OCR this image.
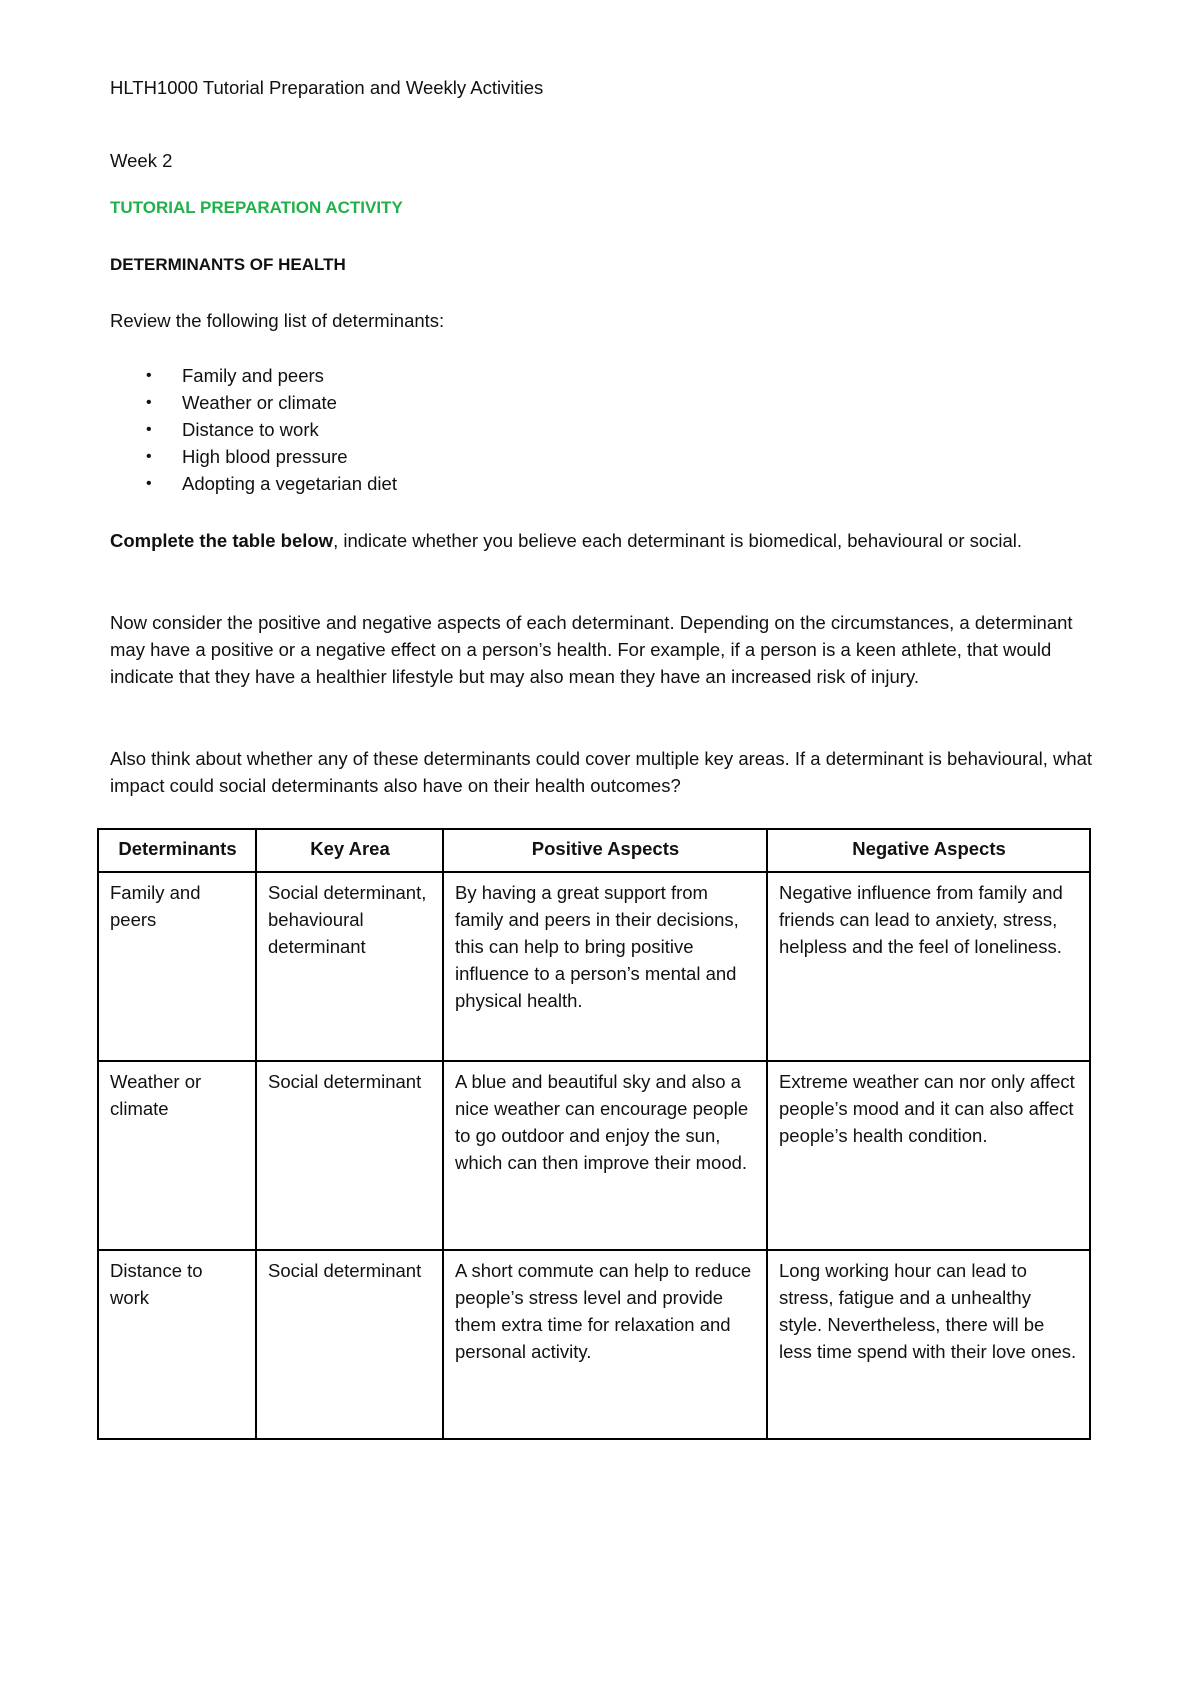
HLTH1000 Tutorial Preparation and Weekly Activities

Week 2

TUTORIAL PREPARATION ACTIVITY

DETERMINANTS OF HEALTH

Review the following list of determinants:

• Family and peers
• Weather or climate
• Distance to work
• High blood pressure
• Adopting a vegetarian diet

Complete the table below, indicate whether you believe each determinant is biomedical, behavioural or social.

Now consider the positive and negative aspects of each determinant. Depending on the circumstances, a determinant may have a positive or a negative effect on a person’s health. For example, if a person is a keen athlete, that would indicate that they have a healthier lifestyle but may also mean they have an increased risk of injury.

Also think about whether any of these determinants could cover multiple key areas. If a determinant is behavioural, what impact could social determinants also have on their health outcomes?

Determinants	Key Area	Positive Aspects	Negative Aspects
Family and peers	Social determinant, behavioural determinant	By having a great support from family and peers in their decisions, this can help to bring positive influence to a person’s mental and physical health.	Negative influence from family and friends can lead to anxiety, stress, helpless and the feel of loneliness.
Weather or climate	Social determinant	A blue and beautiful sky and also a nice weather can encourage people to go outdoor and enjoy the sun, which can then improve their mood.	Extreme weather can nor only affect people’s mood and it can also affect people’s health condition.
Distance to work	Social determinant	A short commute can help to reduce people’s stress level and provide them extra time for relaxation and personal activity.	Long working hour can lead to stress, fatigue and a unhealthy style. Nevertheless, there will be less time spend with their love ones.
